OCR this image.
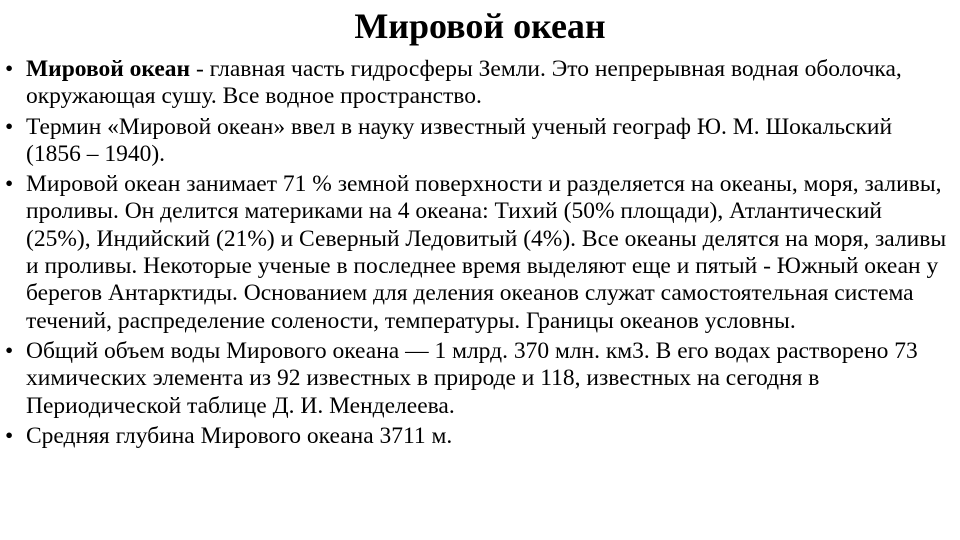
Мировой океан
• Мировой океан - главная часть гидросферы Земли. Это непрерывная водная оболочка, окружающая сушу. Все водное пространство.
• Термин «Мировой океан» ввел в науку известный ученый географ Ю. М. Шокальский (1856 – 1940).
• Мировой океан занимает 71 % земной поверхности и разделяется на океаны, моря, заливы, проливы. Он делится материками на 4 океана: Тихий (50% площади), Атлантический (25%), Индийский (21%) и Северный Ледовитый (4%). Все океаны делятся на моря, заливы и проливы. Некоторые ученые в последнее время выделяют еще и пятый - Южный океан у берегов Антарктиды. Основанием для деления океанов служат самостоятельная система течений, распределение солености, температуры. Границы океанов условны.
• Общий объем воды Мирового океана — 1 млрд. 370 млн. км3. В его водах растворено 73 химических элемента из 92 известных в природе и 118, известных на сегодня в Периодической таблице Д. И. Менделеева.
• Средняя глубина Мирового океана 3711 м.
